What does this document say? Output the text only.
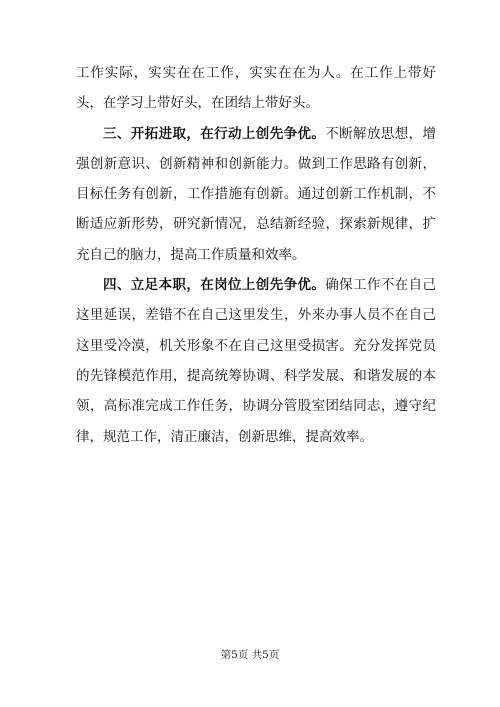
工作实际，实实在在工作，实实在在为人。在工作上带好头，在学习上带好头，在团结上带好头。

三、开拓进取，在行动上创先争优。不断解放思想，增强创新意识、创新精神和创新能力。做到工作思路有创新，目标任务有创新，工作措施有创新。通过创新工作机制，不断适应新形势，研究新情况，总结新经验，探索新规律，扩充自己的脑力，提高工作质量和效率。

四、立足本职，在岗位上创先争优。确保工作不在自己这里延误，差错不在自己这里发生，外来办事人员不在自己这里受冷漠，机关形象不在自己这里受损害。充分发挥党员的先锋模范作用，提高统筹协调、科学发展、和谐发展的本领，高标准完成工作任务，协调分管股室团结同志，遵守纪律，规范工作，清正廉洁，创新思维，提高效率。

第5页 共5页
